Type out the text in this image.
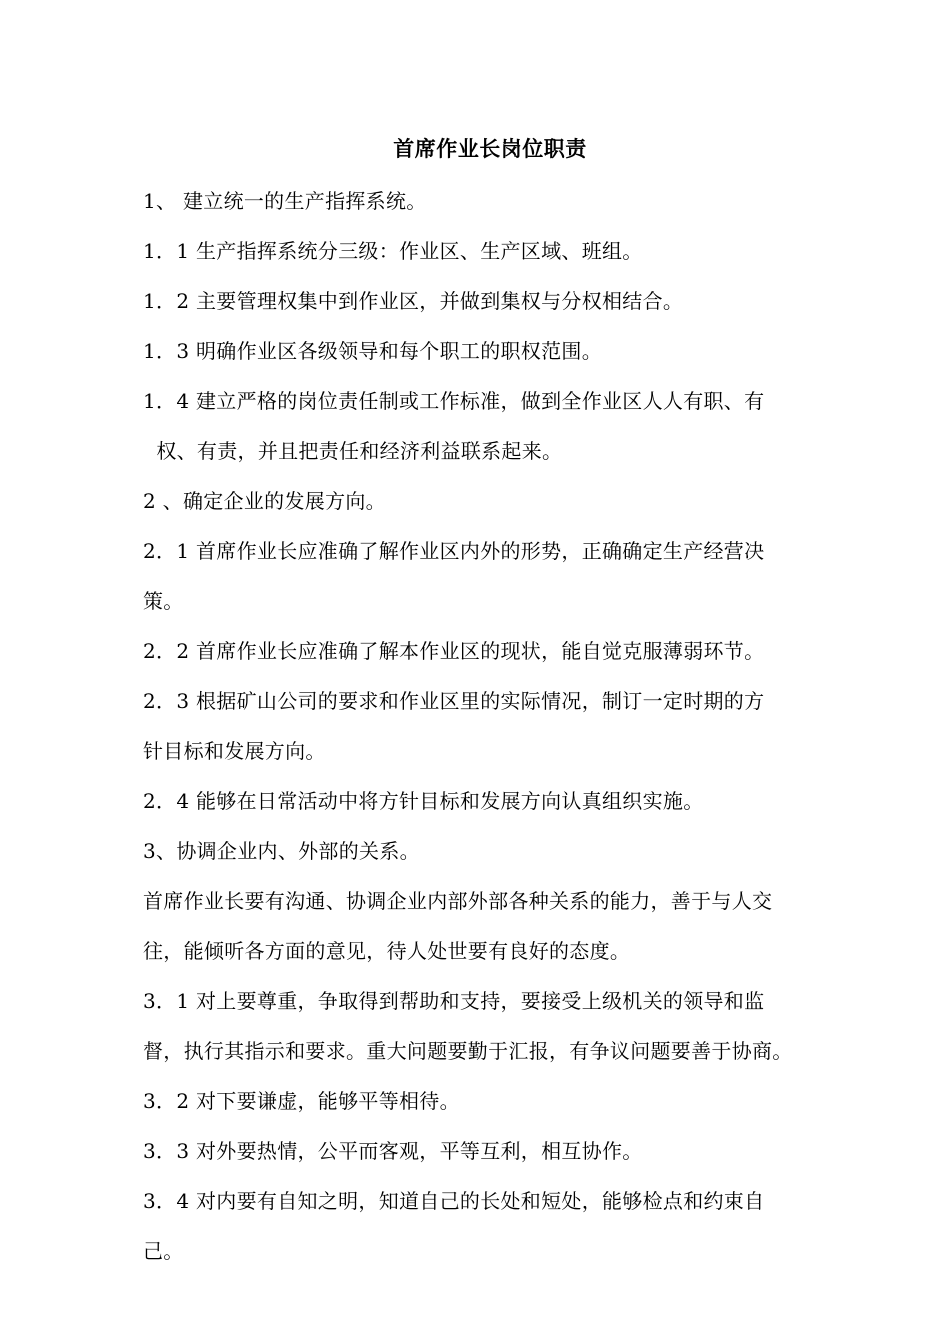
首席作业长岗位职责
1、 建立统一的生产指挥系统。
1．1 生产指挥系统分三级：作业区、生产区域、班组。
1．2 主要管理权集中到作业区，并做到集权与分权相结合。
1．3 明确作业区各级领导和每个职工的职权范围。
1．4 建立严格的岗位责任制或工作标准，做到全作业区人人有职、有
权、有责，并且把责任和经济利益联系起来。
2 、确定企业的发展方向。
2．1 首席作业长应准确了解作业区内外的形势，正确确定生产经营决
策。
2．2 首席作业长应准确了解本作业区的现状，能自觉克服薄弱环节。
2．3 根据矿山公司的要求和作业区里的实际情况，制订一定时期的方
针目标和发展方向。
2．4 能够在日常活动中将方针目标和发展方向认真组织实施。
3、协调企业内、外部的关系。
首席作业长要有沟通、协调企业内部外部各种关系的能力，善于与人交
往，能倾听各方面的意见，待人处世要有良好的态度。
3．1 对上要尊重，争取得到帮助和支持，要接受上级机关的领导和监
督，执行其指示和要求。重大问题要勤于汇报，有争议问题要善于协商。
3．2 对下要谦虚，能够平等相待。
3．3 对外要热情，公平而客观，平等互利，相互协作。
3．4 对内要有自知之明，知道自己的长处和短处，能够检点和约束自
己。
